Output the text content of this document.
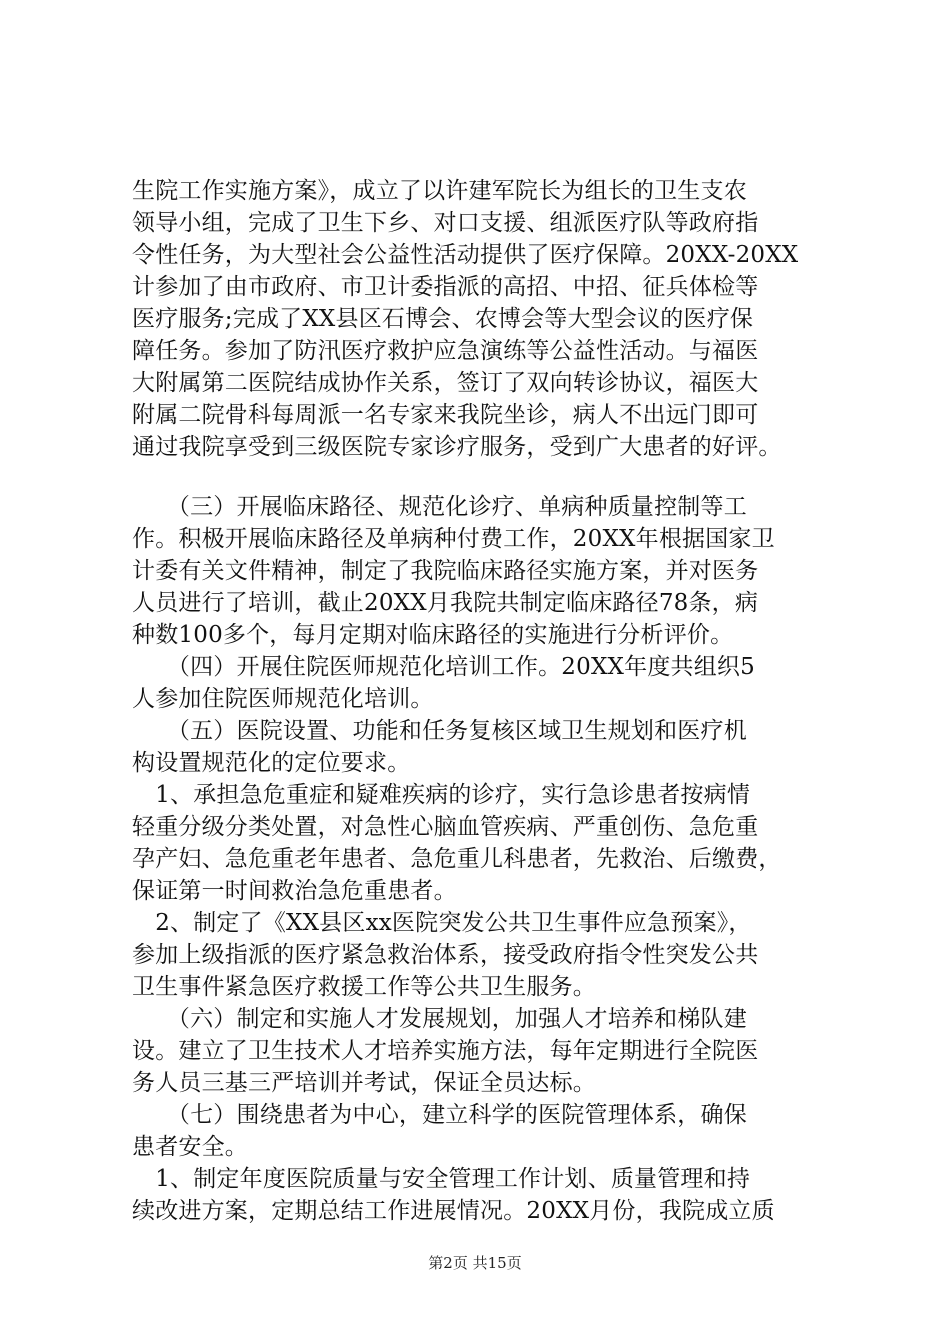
生院工作实施方案》，成立了以许建军院长为组长的卫生支农
领导小组，完成了卫生下乡、对口支援、组派医疗队等政府指
令性任务，为大型社会公益性活动提供了医疗保障。20XX-20XX
计参加了由市政府、市卫计委指派的高招、中招、征兵体检等
医疗服务;完成了XX县区石博会、农博会等大型会议的医疗保
障任务。参加了防汛医疗救护应急演练等公益性活动。与福医
大附属第二医院结成协作关系，签订了双向转诊协议，福医大
附属二院骨科每周派一名专家来我院坐诊，病人不出远门即可
通过我院享受到三级医院专家诊疗服务，受到广大患者的好评。
　　（三）开展临床路径、规范化诊疗、单病种质量控制等工
作。积极开展临床路径及单病种付费工作，20XX年根据国家卫
计委有关文件精神，制定了我院临床路径实施方案，并对医务
人员进行了培训，截止20XX月我院共制定临床路径78条，病
种数100多个，每月定期对临床路径的实施进行分析评价。
　　（四）开展住院医师规范化培训工作。20XX年度共组织5
人参加住院医师规范化培训。
　　（五）医院设置、功能和任务复核区域卫生规划和医疗机
构设置规范化的定位要求。
　1、承担急危重症和疑难疾病的诊疗，实行急诊患者按病情
轻重分级分类处置，对急性心脑血管疾病、严重创伤、急危重
孕产妇、急危重老年患者、急危重儿科患者，先救治、后缴费，
保证第一时间救治急危重患者。
　2、制定了《XX县区xx医院突发公共卫生事件应急预案》，
参加上级指派的医疗紧急救治体系，接受政府指令性突发公共
卫生事件紧急医疗救援工作等公共卫生服务。
　　（六）制定和实施人才发展规划，加强人才培养和梯队建
设。建立了卫生技术人才培养实施方法，每年定期进行全院医
务人员三基三严培训并考试，保证全员达标。
　　（七）围绕患者为中心，建立科学的医院管理体系，确保
患者安全。
　1、制定年度医院质量与安全管理工作计划、质量管理和持
续改进方案，定期总结工作进展情况。20XX月份，我院成立质
第2页 共15页
